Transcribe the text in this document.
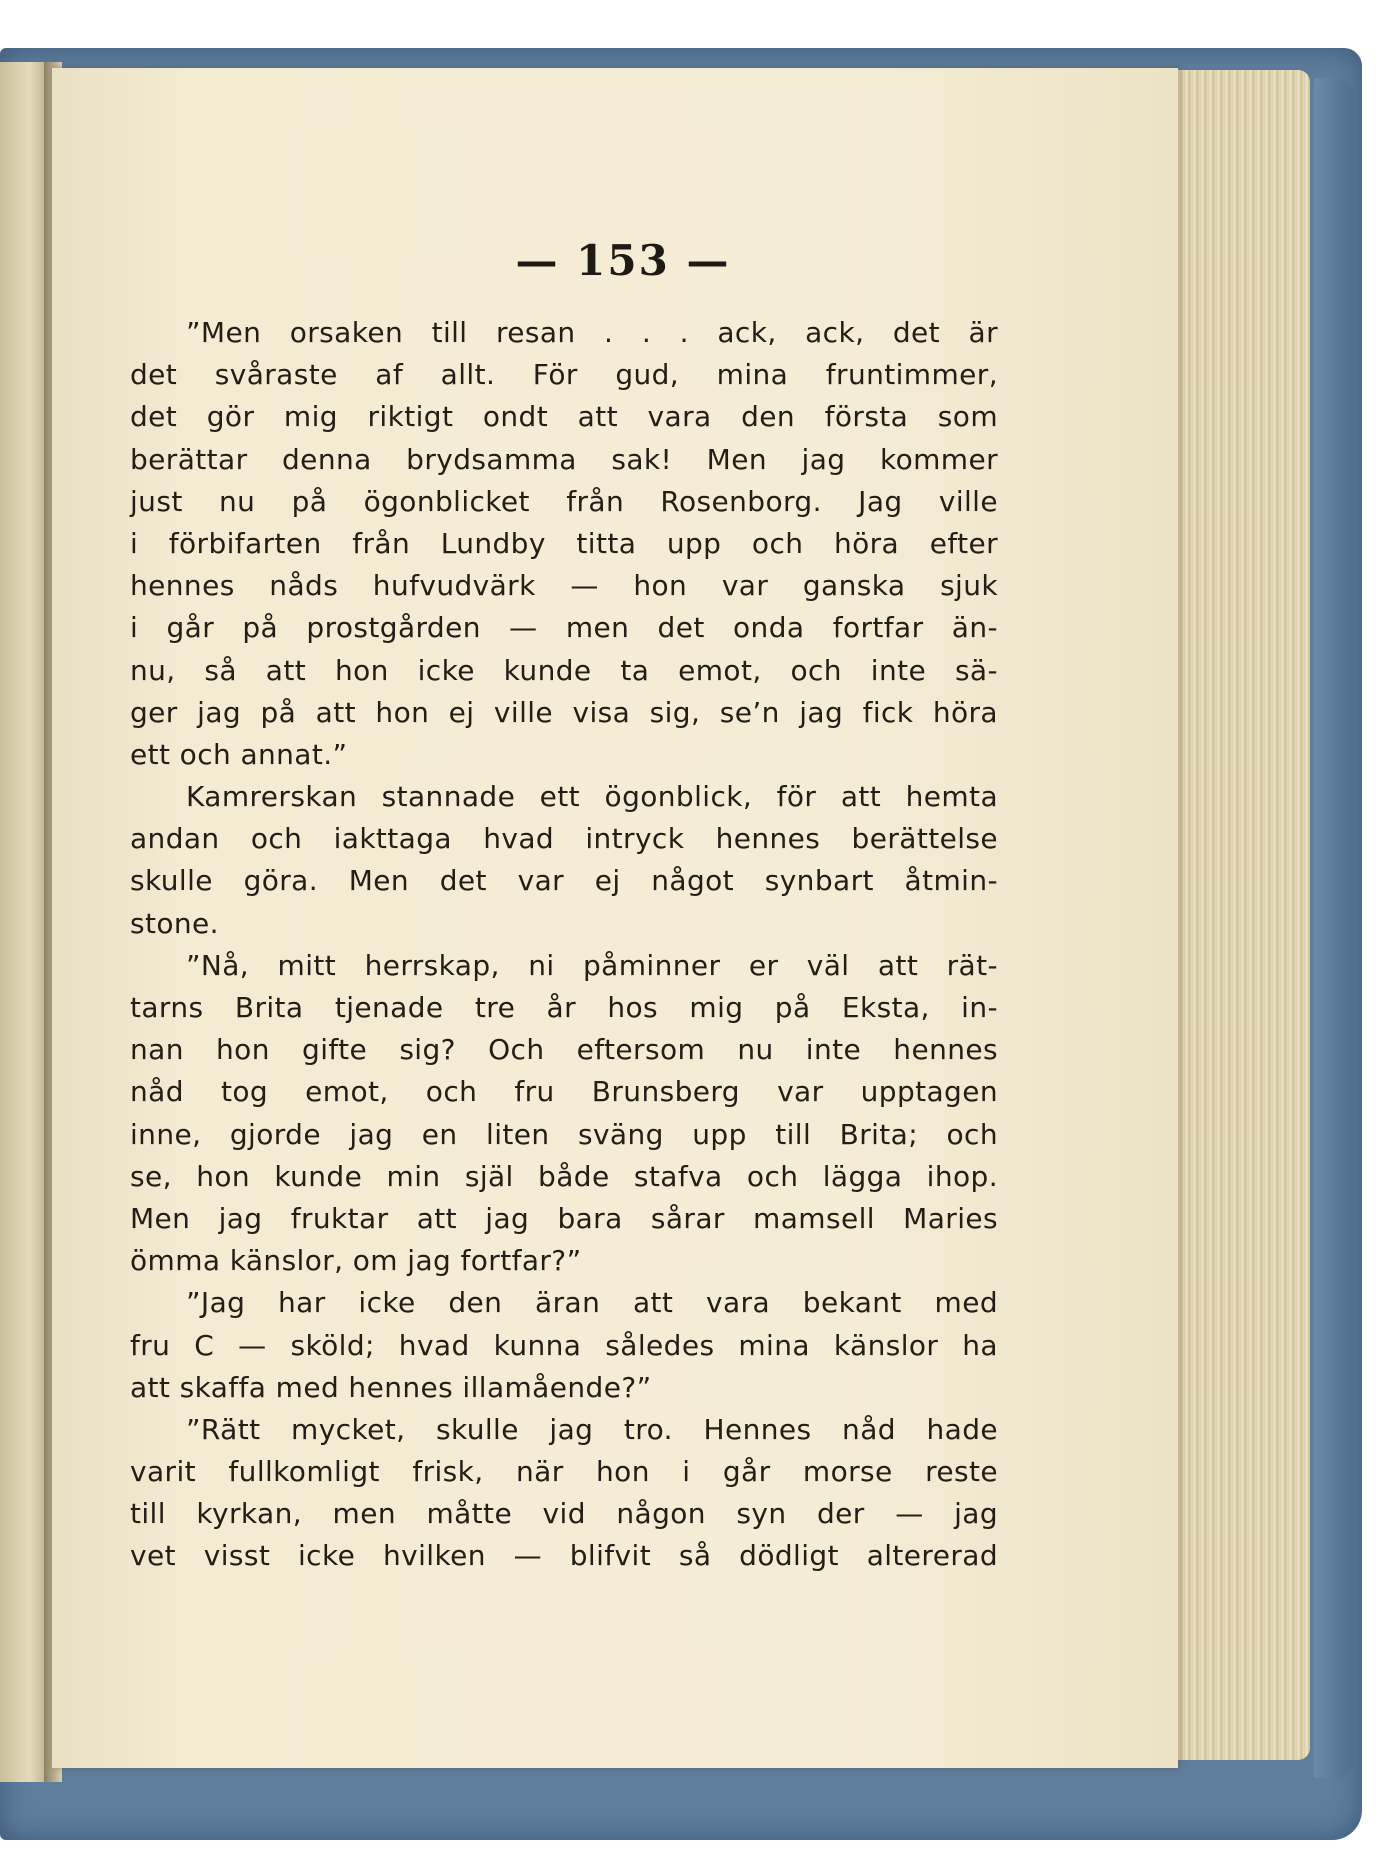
— 153 —
”Men orsaken till resan . . . ack, ack, det är
det svåraste af allt. För gud, mina fruntimmer,
det gör mig riktigt ondt att vara den första som
berättar denna brydsamma sak! Men jag kommer
just nu på ögonblicket från Rosenborg. Jag ville
i förbifarten från Lundby titta upp och höra efter
hennes nåds hufvudvärk — hon var ganska sjuk
i går på prostgården — men det onda fortfar än-
nu, så att hon icke kunde ta emot, och inte sä-
ger jag på att hon ej ville visa sig, se’n jag fick höra
ett och annat.”
Kamrerskan stannade ett ögonblick, för att hemta
andan och iakttaga hvad intryck hennes berättelse
skulle göra. Men det var ej något synbart åtmin-
stone.
”Nå, mitt herrskap, ni påminner er väl att rät-
tarns Brita tjenade tre år hos mig på Eksta, in-
nan hon gifte sig? Och eftersom nu inte hennes
nåd tog emot, och fru Brunsberg var upptagen
inne, gjorde jag en liten sväng upp till Brita; och
se, hon kunde min själ både stafva och lägga ihop.
Men jag fruktar att jag bara sårar mamsell Maries
ömma känslor, om jag fortfar?”
”Jag har icke den äran att vara bekant med
fru C — sköld; hvad kunna således mina känslor ha
att skaffa med hennes illamående?”
”Rätt mycket, skulle jag tro. Hennes nåd hade
varit fullkomligt frisk, när hon i går morse reste
till kyrkan, men måtte vid någon syn der — jag
vet visst icke hvilken — blifvit så dödligt altererad
